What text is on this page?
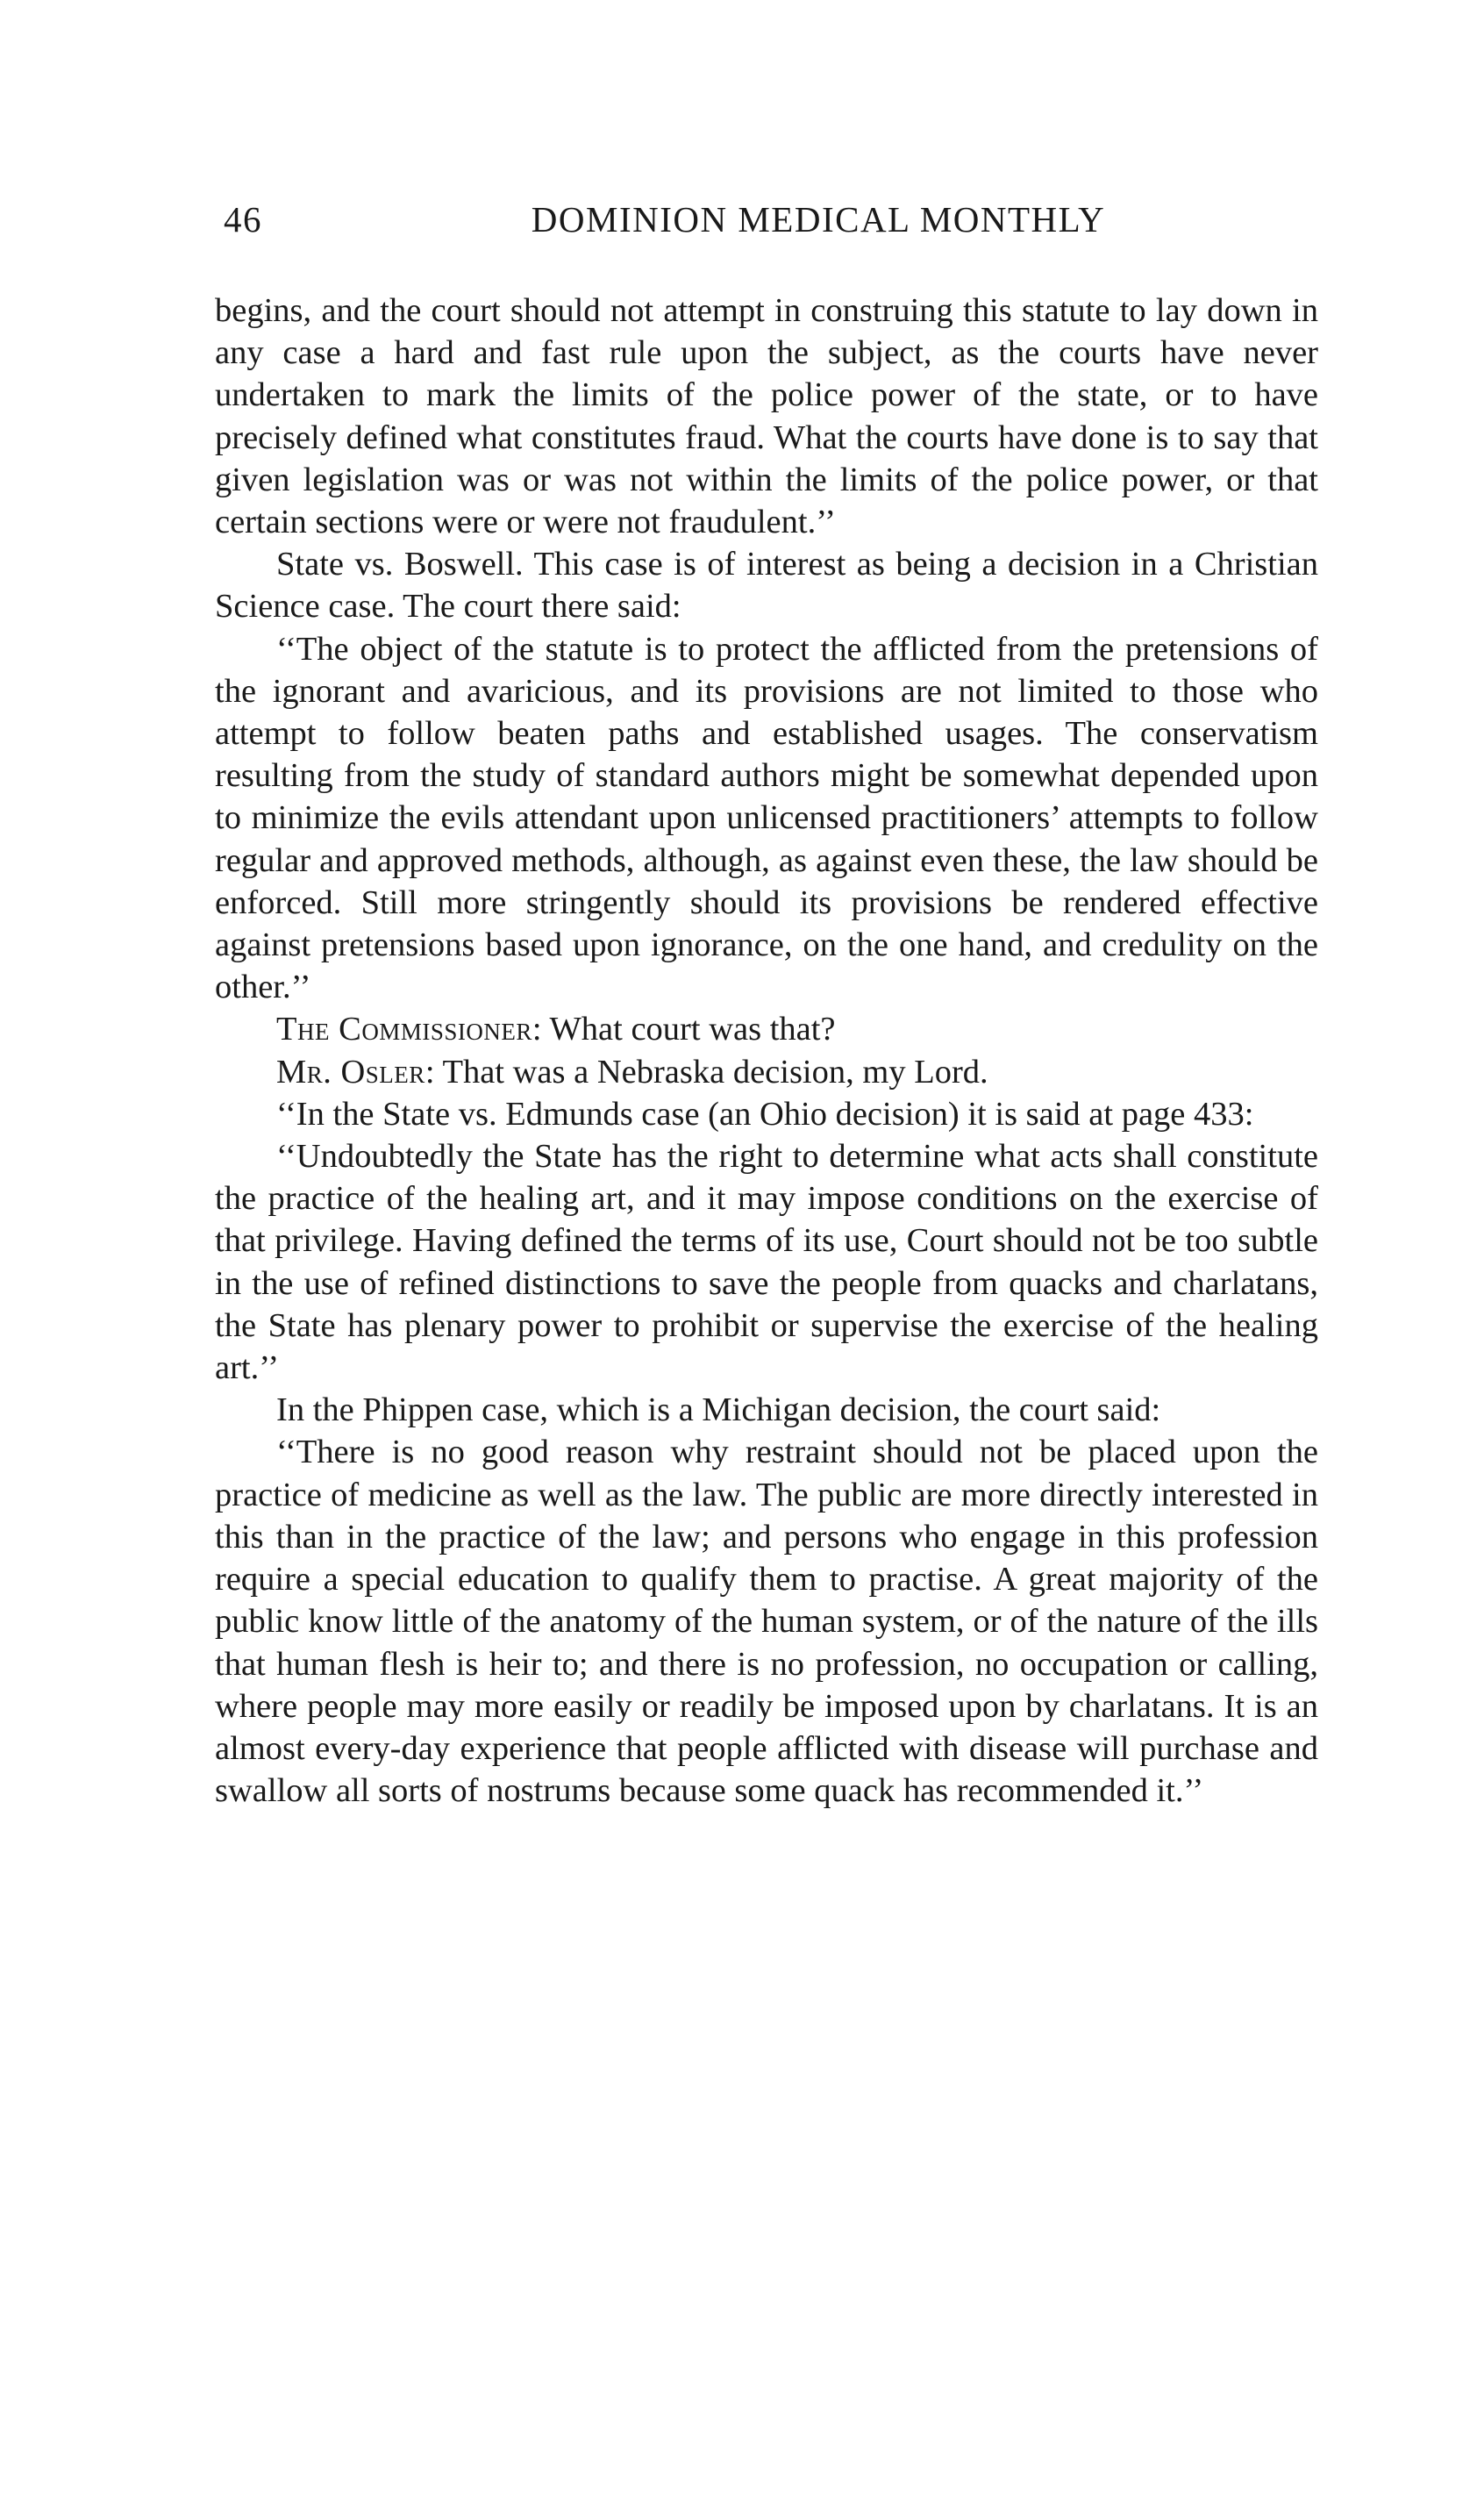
46	DOMINION MEDICAL MONTHLY

begins, and the court should not attempt in construing this statute to lay down in any case a hard and fast rule upon the subject, as the courts have never undertaken to mark the limits of the police power of the state, or to have precisely defined what constitutes fraud. What the courts have done is to say that given legislation was or was not within the limits of the police power, or that certain sections were or were not fraudulent.’’

State vs. Boswell. This case is of interest as being a decision in a Christian Science case. The court there said:

‘‘The object of the statute is to protect the afflicted from the pretensions of the ignorant and avaricious, and its provisions are not limited to those who attempt to follow beaten paths and established usages. The conservatism resulting from the study of standard authors might be somewhat depended upon to minimize the evils attendant upon unlicensed practitioners’ attempts to follow regular and approved methods, although, as against even these, the law should be enforced. Still more stringently should its provisions be rendered effective against pretensions based upon ignorance, on the one hand, and credulity on the other.’’

The Commissioner: What court was that?

Mr. Osler: That was a Nebraska decision, my Lord.

‘‘In the State vs. Edmunds case (an Ohio decision) it is said at page 433:

‘‘Undoubtedly the State has the right to determine what acts shall constitute the practice of the healing art, and it may impose conditions on the exercise of that privilege. Having defined the terms of its use, Court should not be too subtle in the use of refined distinctions to save the people from quacks and charlatans, the State has plenary power to prohibit or supervise the exercise of the healing art.’’

In the Phippen case, which is a Michigan decision, the court said:

‘‘There is no good reason why restraint should not be placed upon the practice of medicine as well as the law. The public are more directly interested in this than in the practice of the law; and persons who engage in this profession require a special education to qualify them to practise. A great majority of the public know little of the anatomy of the human system, or of the nature of the ills that human flesh is heir to; and there is no profession, no occupation or calling, where people may more easily or readily be imposed upon by charlatans. It is an almost every-day experience that people afflicted with disease will purchase and swallow all sorts of nostrums because some quack has recommended it.’’
